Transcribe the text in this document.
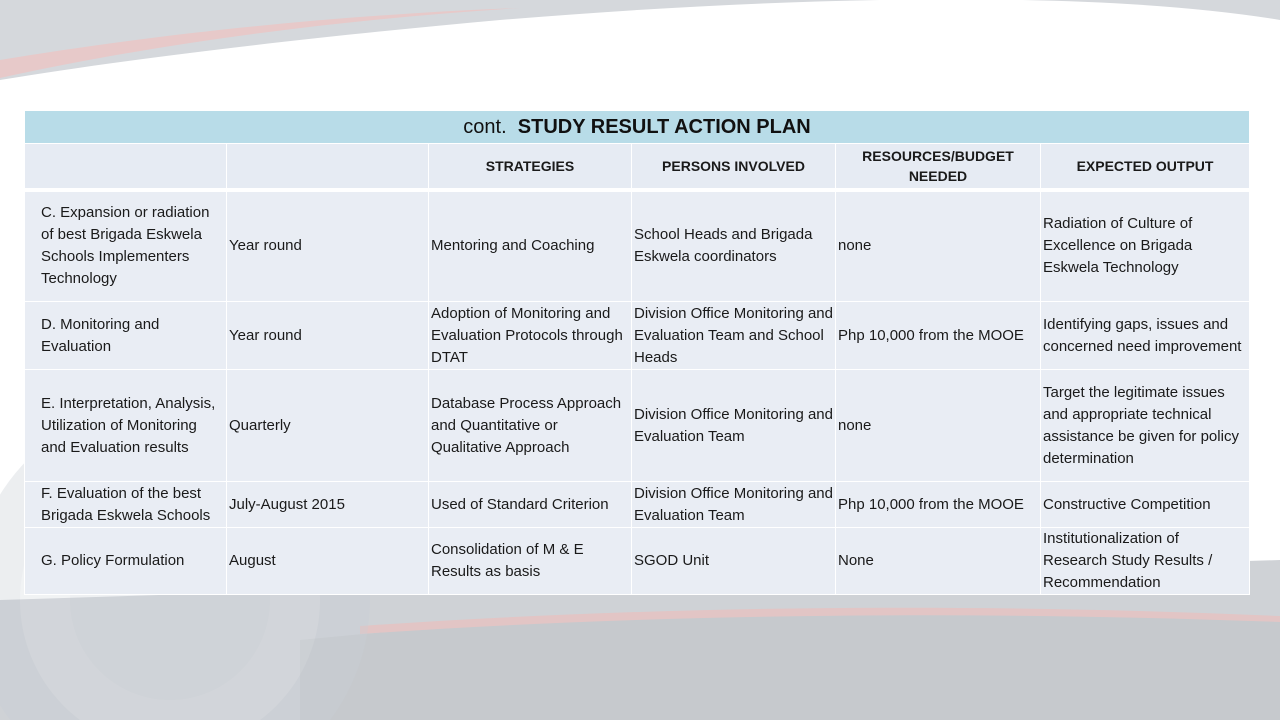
cont. STUDY RESULT ACTION PLAN					
		STRATEGIES	PERSONS INVOLVED	RESOURCES/BUDGET NEEDED	EXPECTED OUTPUT
C. Expansion or radiation of best Brigada Eskwela Schools Implementers Technology	Year round	Mentoring and Coaching	School Heads and Brigada Eskwela coordinators	none	Radiation of Culture of Excellence on Brigada Eskwela Technology
D. Monitoring and Evaluation	Year round	Adoption of Monitoring and Evaluation Protocols through DTAT	Division Office Monitoring and Evaluation Team and School Heads	Php 10,000 from the MOOE	Identifying gaps, issues and concerned need improvement
E. Interpretation, Analysis, Utilization of Monitoring and Evaluation results	Quarterly	Database Process Approach and Quantitative or Qualitative Approach	Division Office Monitoring and Evaluation Team	none	Target the legitimate issues and appropriate technical assistance be given for policy determination
F. Evaluation of the best Brigada Eskwela Schools	July-August 2015	Used of Standard Criterion	Division Office Monitoring and Evaluation Team	Php 10,000 from the MOOE	Constructive Competition
G. Policy Formulation	August	Consolidation of M & E Results as basis	SGOD Unit	None	Institutionalization of Research Study Results / Recommendation
